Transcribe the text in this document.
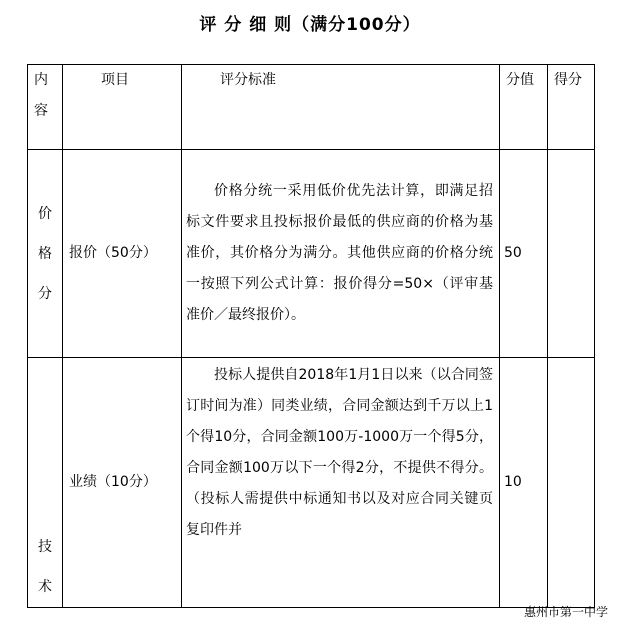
评 分 细 则（满分100分）
内
容	项目	评分标准	分值	得分
价
格
分	报价（50分）	价格分统一采用低价优先法计算，即满足招标文件要求且投标报价最低的供应商的价格为基准价，其价格分为满分。其他供应商的价格分统一按照下列公式计算：报价得分=50×（评审基准价／最终报价）。	50	
技
术	业绩（10分）	投标人提供自2018年1月1日以来（以合同签订时间为准）同类业绩，合同金额达到千万以上1个得10分，合同金额100万-1000万一个得5分，合同金额100万以下一个得2分，不提供不得分。（投标人需提供中标通知书以及对应合同关键页复印件并	10	
惠州市第一中学
